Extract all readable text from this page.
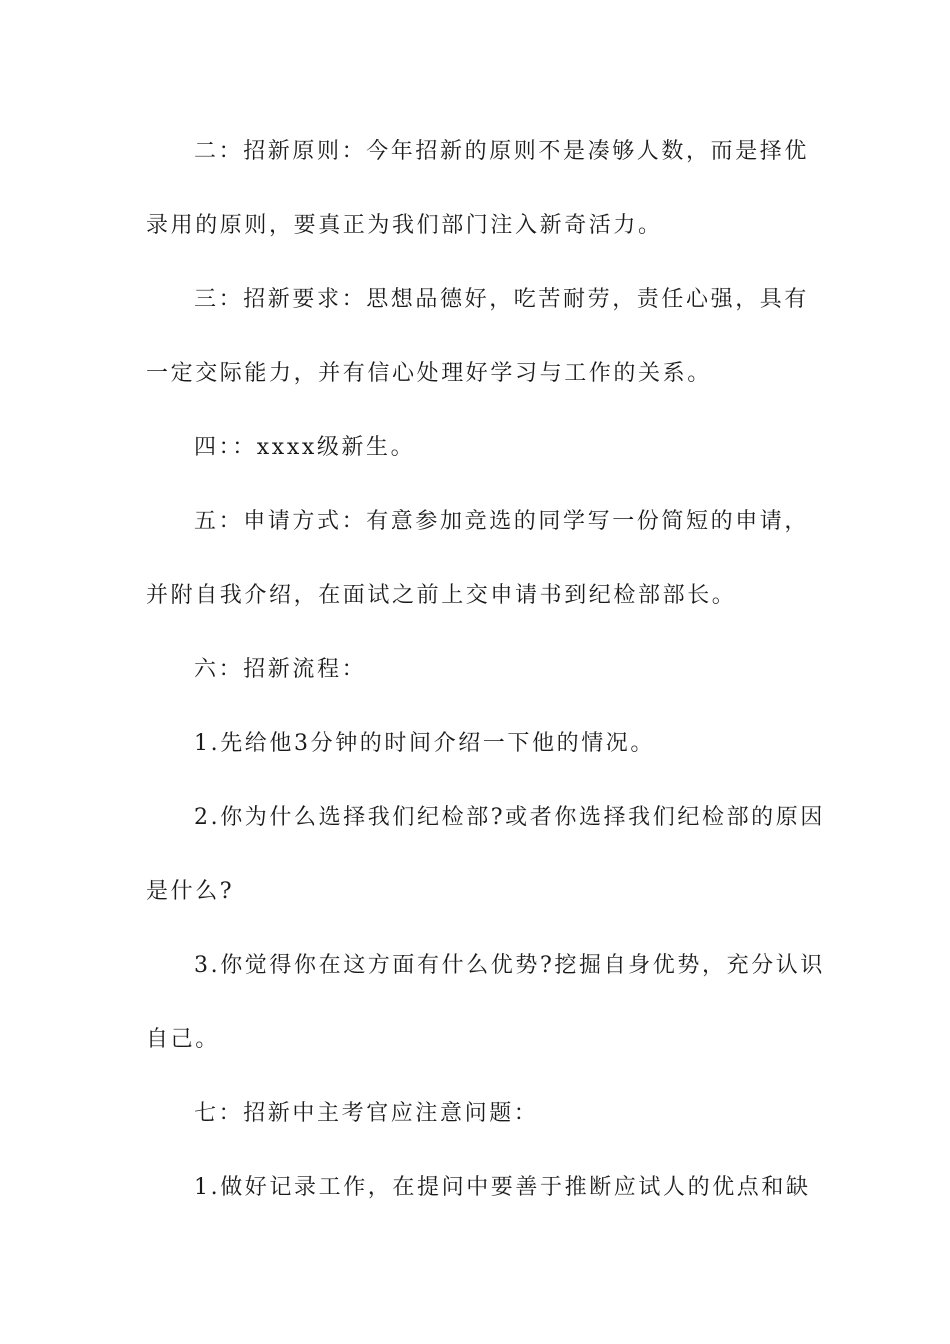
二：招新原则：今年招新的原则不是凑够人数，而是择优
录用的原则，要真正为我们部门注入新奇活力。

三：招新要求：思想品德好，吃苦耐劳，责任心强，具有
一定交际能力，并有信心处理好学习与工作的关系。

四：：xxxx级新生。

五：申请方式：有意参加竞选的同学写一份简短的申请，
并附自我介绍，在面试之前上交申请书到纪检部部长。

六：招新流程：

1.先给他3分钟的时间介绍一下他的情况。

2.你为什么选择我们纪检部?或者你选择我们纪检部的原因
是什么?

3.你觉得你在这方面有什么优势?挖掘自身优势，充分认识
自己。

七：招新中主考官应注意问题：

1.做好记录工作，在提问中要善于推断应试人的优点和缺
